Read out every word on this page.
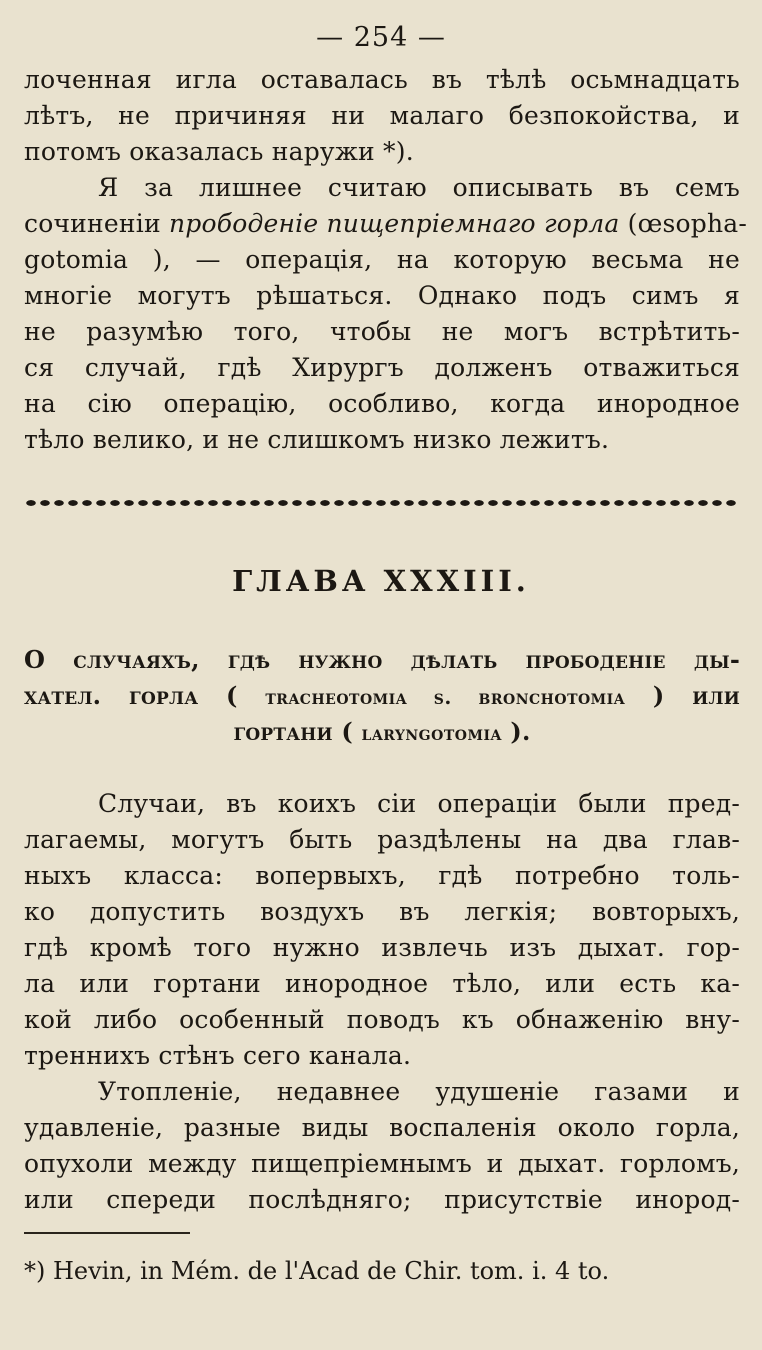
— 254 —
лоченная игла оставалась въ тѣлѣ осьмнадцать
лѣтъ, не причиняя ни малаго безпокойства, и
потомъ оказалась наружи *).
Я за лишнее считаю описывать въ семъ
сочиненіи прободеніе пищепріемнаго горла (œsopha-
gotomia ), — операція, на которую весьма не
многіе могутъ рѣшаться. Однако подъ симъ я
не разумѣю того, чтобы не могъ встрѣтить-
ся случай, гдѣ Хирургъ долженъ отважиться
на сію операцію, особливо, когда инородное
тѣло велико, и не слишкомъ низко лежитъ.
ГЛАВА XXXIII.
О случаяхъ, гдѣ нужно дѣлать прободеніе ды-
хател. горла ( tracheotomia s. bronchotomia ) или
гортани ( laryngotomia ).
Случаи, въ коихъ сіи операціи были пред-
лагаемы, могутъ быть раздѣлены на два глав-
ныхъ класса: вопервыхъ, гдѣ потребно толь-
ко допустить воздухъ въ легкія; вовторыхъ,
гдѣ кромѣ того нужно извлечь изъ дыхат. гор-
ла или гортани инородное тѣло, или есть ка-
кой либо особенный поводъ къ обнаженію вну-
треннихъ стѣнъ сего канала.
Утопленіе, недавнее удушеніе газами и
удавленіе, разные виды воспаленія около горла,
опухоли между пищепріемнымъ и дыхат. горломъ,
или спереди послѣдняго; присутствіе инород-
*) Hevin, in Mém. de l'Acad de Chir. tom. i. 4 to.
